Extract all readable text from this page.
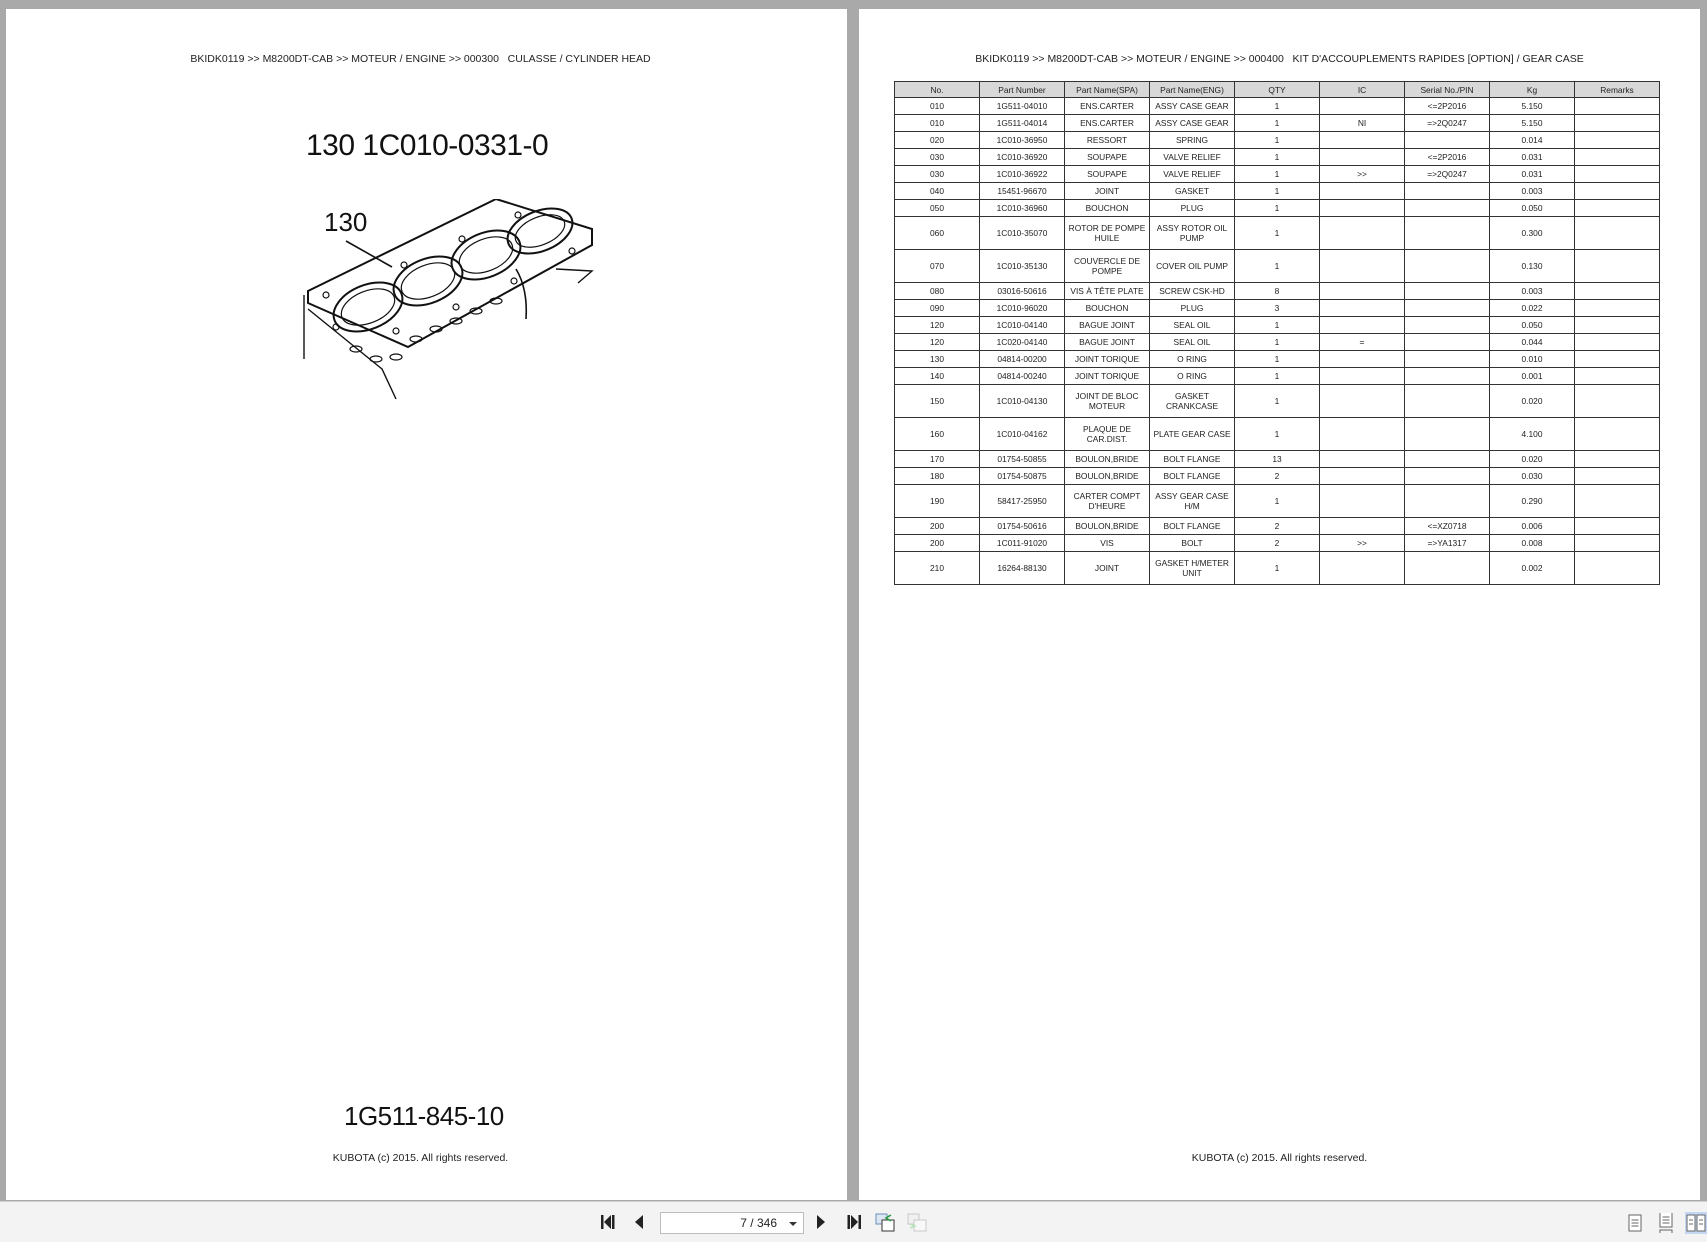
BKIDK0119 >> M8200DT-CAB >> MOTEUR / ENGINE >> 000300   CULASSE / CYLINDER HEAD
130 1C010-0331-0
130
1G511-845-10
KUBOTA (c) 2015. All rights reserved.
BKIDK0119 >> M8200DT-CAB >> MOTEUR / ENGINE >> 000400   KIT D'ACCOUPLEMENTS RAPIDES [OPTION] / GEAR CASE
No.	Part Number	Part Name(SPA)	Part Name(ENG)	QTY	IC	Serial No./PIN	Kg	Remarks
010	1G511-04010	ENS.CARTER	ASSY CASE GEAR	1		<=2P2016	5.150	
010	1G511-04014	ENS.CARTER	ASSY CASE GEAR	1	NI	=>2Q0247	5.150	
020	1C010-36950	RESSORT	SPRING	1			0.014	
030	1C010-36920	SOUPAPE	VALVE RELIEF	1		<=2P2016	0.031	
030	1C010-36922	SOUPAPE	VALVE RELIEF	1	>>	=>2Q0247	0.031	
040	15451-96670	JOINT	GASKET	1			0.003	
050	1C010-36960	BOUCHON	PLUG	1			0.050	
060	1C010-35070	ROTOR DE POMPE HUILE	ASSY ROTOR OIL PUMP	1			0.300	
070	1C010-35130	COUVERCLE DE POMPE	COVER OIL PUMP	1			0.130	
080	03016-50616	VIS À TÊTE PLATE	SCREW CSK-HD	8			0.003	
090	1C010-96020	BOUCHON	PLUG	3			0.022	
120	1C010-04140	BAGUE JOINT	SEAL OIL	1			0.050	
120	1C020-04140	BAGUE JOINT	SEAL OIL	1	=		0.044	
130	04814-00200	JOINT TORIQUE	O RING	1			0.010	
140	04814-00240	JOINT TORIQUE	O RING	1			0.001	
150	1C010-04130	JOINT DE BLOC MOTEUR	GASKET CRANKCASE	1			0.020	
160	1C010-04162	PLAQUE DE CAR.DIST.	PLATE GEAR CASE	1			4.100	
170	01754-50855	BOULON,BRIDE	BOLT FLANGE	13			0.020	
180	01754-50875	BOULON,BRIDE	BOLT FLANGE	2			0.030	
190	58417-25950	CARTER COMPT D'HEURE	ASSY GEAR CASE H/M	1			0.290	
200	01754-50616	BOULON,BRIDE	BOLT FLANGE	2		<=XZ0718	0.006	
200	1C011-91020	VIS	BOLT	2	>>	=>YA1317	0.008	
210	16264-88130	JOINT	GASKET H/METER UNIT	1			0.002	
KUBOTA (c) 2015. All rights reserved.
7 / 346
